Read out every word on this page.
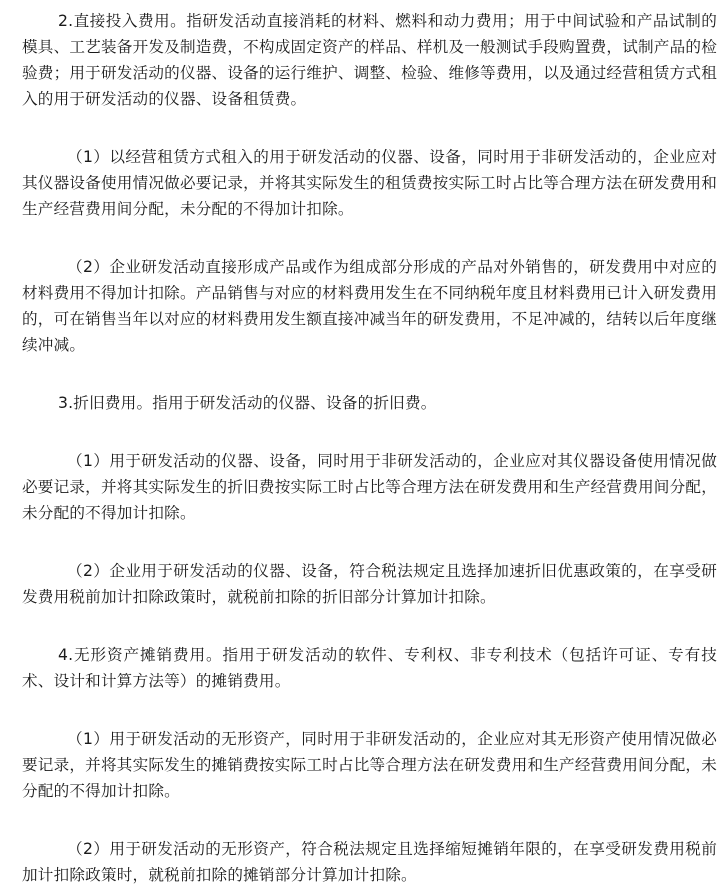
2.直接投入费用。指研发活动直接消耗的材料、燃料和动力费用；用于中间试验和产品试制的模具、工艺装备开发及制造费，不构成固定资产的样品、样机及一般测试手段购置费，试制产品的检验费；用于研发活动的仪器、设备的运行维护、调整、检验、维修等费用，以及通过经营租赁方式租入的用于研发活动的仪器、设备租赁费。

（1）以经营租赁方式租入的用于研发活动的仪器、设备，同时用于非研发活动的，企业应对其仪器设备使用情况做必要记录，并将其实际发生的租赁费按实际工时占比等合理方法在研发费用和生产经营费用间分配，未分配的不得加计扣除。

（2）企业研发活动直接形成产品或作为组成部分形成的产品对外销售的，研发费用中对应的材料费用不得加计扣除。产品销售与对应的材料费用发生在不同纳税年度且材料费用已计入研发费用的，可在销售当年以对应的材料费用发生额直接冲减当年的研发费用，不足冲减的，结转以后年度继续冲减。

3.折旧费用。指用于研发活动的仪器、设备的折旧费。

（1）用于研发活动的仪器、设备，同时用于非研发活动的，企业应对其仪器设备使用情况做必要记录，并将其实际发生的折旧费按实际工时占比等合理方法在研发费用和生产经营费用间分配，未分配的不得加计扣除。

（2）企业用于研发活动的仪器、设备，符合税法规定且选择加速折旧优惠政策的，在享受研发费用税前加计扣除政策时，就税前扣除的折旧部分计算加计扣除。

4.无形资产摊销费用。指用于研发活动的软件、专利权、非专利技术（包括许可证、专有技术、设计和计算方法等）的摊销费用。

（1）用于研发活动的无形资产，同时用于非研发活动的，企业应对其无形资产使用情况做必要记录，并将其实际发生的摊销费按实际工时占比等合理方法在研发费用和生产经营费用间分配，未分配的不得加计扣除。

（2）用于研发活动的无形资产，符合税法规定且选择缩短摊销年限的，在享受研发费用税前加计扣除政策时，就税前扣除的摊销部分计算加计扣除。
